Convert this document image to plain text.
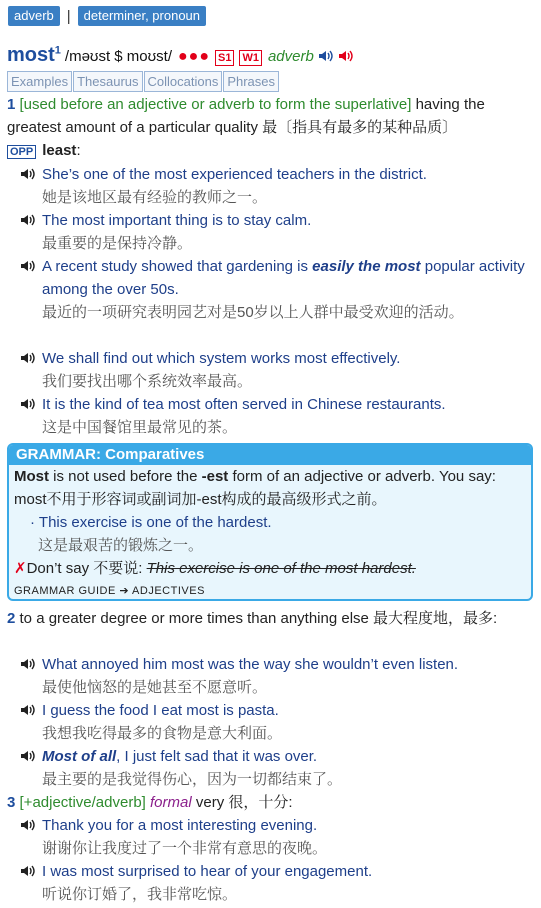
adverb |	determiner, pronoun
most$^1$ /məʊst $ moʊst/ ●●● S1 W1 adverb
Examples Thesaurus Collocations Phrases
1 [used before an adjective or adverb to form the superlative] having the greatest amount of a particular quality 最〔指具有最多的某种品质〕
OPP least:
She’s one of the most experienced teachers in the district.
她是该地区最有经验的教师之一。
The most important thing is to stay calm.
最重要的是保持冷静。
A recent study showed that gardening is easily the most popular activity among the over 50s.
最近的一项研究表明园艺对是50岁以上人群中最受欢迎的活动。
We shall find out which system works most effectively.
我们要找出哪个系统效率最高。
It is the kind of tea most often served in Chinese restaurants.
这是中国餐馆里最常见的茶。
GRAMMAR: Comparatives
Most is not used before the -est form of an adjective or adverb. You say: most不用于形容词或副词加-est构成的最高级形式之前。
· This exercise is one of the hardest.
这是最艰苦的锻炼之一。
✗Don’t say 不要说: This exercise is one of the most hardest.
GRAMMAR GUIDE ➔ ADJECTIVES
2 to a greater degree or more times than anything else 最大程度地，最多:
What annoyed him most was the way she wouldn’t even listen.
最使他恼怒的是她甚至不愿意听。
I guess the food I eat most is pasta.
我想我吃得最多的食物是意大利面。
Most of all, I just felt sad that it was over.
最主要的是我觉得伤心，因为一切都结束了。
3 [+adjective/adverb] formal very 很，十分:
Thank you for a most interesting evening.
谢谢你让我度过了一个非常有意思的夜晚。
I was most surprised to hear of your engagement.
听说你订婚了，我非常吃惊。
